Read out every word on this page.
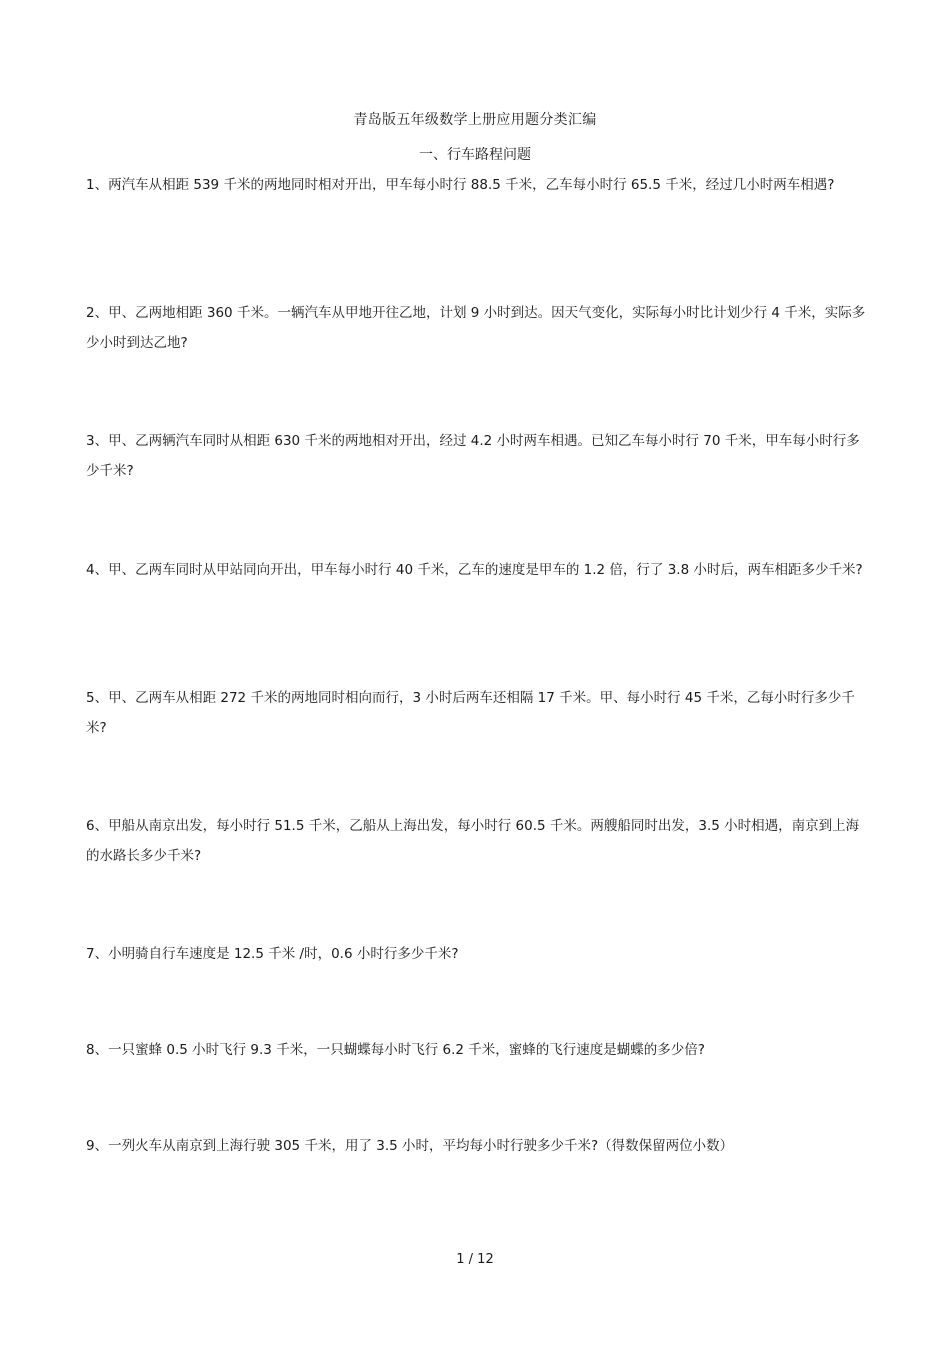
青岛版五年级数学上册应用题分类汇编
一、行车路程问题
1、两汽车从相距 539 千米的两地同时相对开出，甲车每小时行 88.5 千米，乙车每小时行 65.5 千米，经过几小时两车相遇?
2、甲、乙两地相距 360 千米。一辆汽车从甲地开往乙地，计划 9 小时到达。因天气变化，实际每小时比计划少行 4 千米，实际多少小时到达乙地?
3、甲、乙两辆汽车同时从相距 630 千米的两地相对开出，经过 4.2 小时两车相遇。已知乙车每小时行 70 千米，甲车每小时行多少千米?
4、甲、乙两车同时从甲站同向开出，甲车每小时行 40 千米，乙车的速度是甲车的 1.2 倍，行了 3.8 小时后，两车相距多少千米?
5、甲、乙两车从相距 272 千米的两地同时相向而行，3 小时后两车还相隔 17 千米。甲、每小时行 45 千米，乙每小时行多少千米?
6、甲船从南京出发，每小时行 51.5 千米，乙船从上海出发，每小时行 60.5 千米。两艘船同时出发，3.5 小时相遇，南京到上海的水路长多少千米?
7、小明骑自行车速度是 12.5 千米 /时，0.6 小时行多少千米?
8、一只蜜蜂 0.5 小时飞行 9.3 千米，一只蝴蝶每小时飞行 6.2 千米，蜜蜂的飞行速度是蝴蝶的多少倍?
9、一列火车从南京到上海行驶 305 千米，用了 3.5 小时，平均每小时行驶多少千米?（得数保留两位小数）
1 / 12
